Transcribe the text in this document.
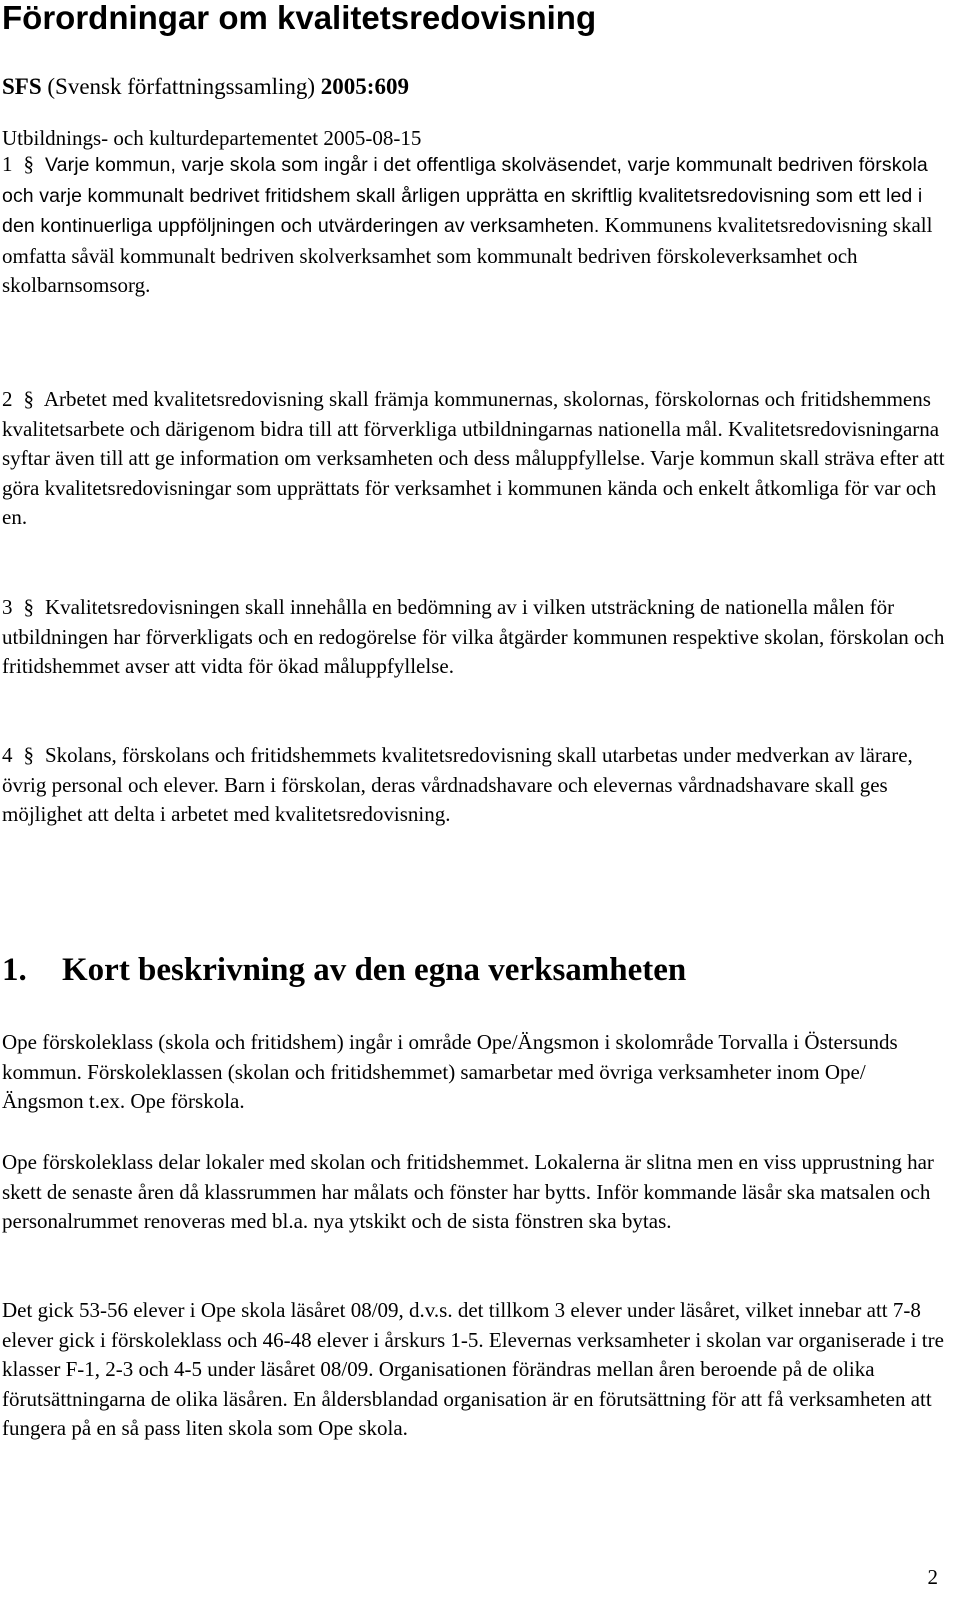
Förordningar om kvalitetsredovisning
SFS (Svensk författningssamling) 2005:609
Utbildnings- och kulturdepartementet 2005-08-15

1 § Varje kommun, varje skola som ingår i det offentliga skolväsendet, varje kommunalt bedriven förskola och varje kommunalt bedrivet fritidshem skall årligen upprätta en skriftlig kvalitetsredovisning som ett led i den kontinuerliga uppföljningen och utvärderingen av verksamheten. Kommunens kvalitetsredovisning skall omfatta såväl kommunalt bedriven skolverksamhet som kommunalt bedriven förskoleverksamhet och skolbarnsomsorg.

2 § Arbetet med kvalitetsredovisning skall främja kommunernas, skolornas, förskolornas och fritidshemmens kvalitetsarbete och därigenom bidra till att förverkliga utbildningarnas nationella mål. Kvalitetsredovisningarna syftar även till att ge information om verksamheten och dess måluppfyllelse. Varje kommun skall sträva efter att göra kvalitetsredovisningar som upprättats för verksamhet i kommunen kända och enkelt åtkomliga för var och en.

3 § Kvalitetsredovisningen skall innehålla en bedömning av i vilken utsträckning de nationella målen för utbildningen har förverkligats och en redogörelse för vilka åtgärder kommunen respektive skolan, förskolan och fritidshemmet avser att vidta för ökad måluppfyllelse.

4 § Skolans, förskolans och fritidshemmets kvalitetsredovisning skall utarbetas under medverkan av lärare, övrig personal och elever. Barn i förskolan, deras vårdnadshavare och elevernas vårdnadshavare skall ges möjlighet att delta i arbetet med kvalitetsredovisning.

1. Kort beskrivning av den egna verksamheten

Ope förskoleklass (skola och fritidshem) ingår i område Ope/Ängsmon i skolområde Torvalla i Östersunds kommun. Förskoleklassen (skolan och fritidshemmet) samarbetar med övriga verksamheter inom Ope/Ängsmon t.ex. Ope förskola.

Ope förskoleklass delar lokaler med skolan och fritidshemmet. Lokalerna är slitna men en viss upprustning har skett de senaste åren då klassrummen har målats och fönster har bytts. Inför kommande läsår ska matsalen och personalrummet renoveras med bl.a. nya ytskikt och de sista fönstren ska bytas.

Det gick 53-56 elever i Ope skola läsåret 08/09, d.v.s. det tillkom 3 elever under läsåret, vilket innebar att 7-8 elever gick i förskoleklass och 46-48 elever i årskurs 1-5. Elevernas verksamheter i skolan var organiserade i tre klasser F-1, 2-3 och 4-5 under läsåret 08/09. Organisationen förändras mellan åren beroende på de olika förutsättningarna de olika läsåren. En åldersblandad organisation är en förutsättning för att få verksamheten att fungera på en så pass liten skola som Ope skola.

2
